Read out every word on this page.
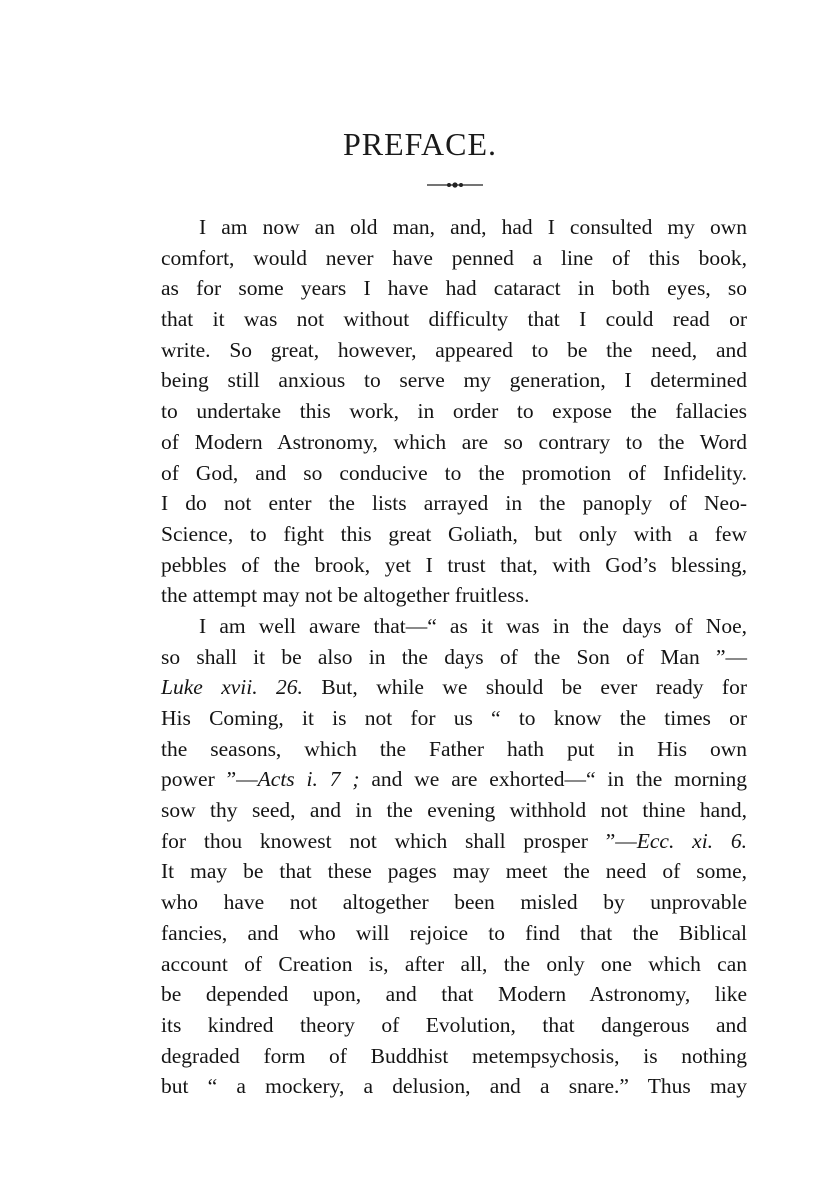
PREFACE.
I am now an old man, and, had I consulted my own
comfort, would never have penned a line of this book,
as for some years I have had cataract in both eyes, so
that it was not without difficulty that I could read or
write. So great, however, appeared to be the need, and
being still anxious to serve my generation, I determined
to undertake this work, in order to expose the fallacies
of Modern Astronomy, which are so contrary to the Word
of God, and so conducive to the promotion of Infidelity.
I do not enter the lists arrayed in the panoply of Neo-
Science, to fight this great Goliath, but only with a few
pebbles of the brook, yet I trust that, with God’s blessing,
the attempt may not be altogether fruitless.
I am well aware that—“ as it was in the days of Noe,
so shall it be also in the days of the Son of Man ”—
Luke xvii. 26. But, while we should be ever ready for
His Coming, it is not for us “ to know the times or
the seasons, which the Father hath put in His own
power ”—Acts i. 7 ; and we are exhorted—“ in the morning
sow thy seed, and in the evening withhold not thine hand,
for thou knowest not which shall prosper ”—Ecc. xi. 6.
It may be that these pages may meet the need of some,
who have not altogether been misled by unprovable
fancies, and who will rejoice to find that the Biblical
account of Creation is, after all, the only one which can
be depended upon, and that Modern Astronomy, like
its kindred theory of Evolution, that dangerous and
degraded form of Buddhist metempsychosis, is nothing
but “ a mockery, a delusion, and a snare.” Thus may
